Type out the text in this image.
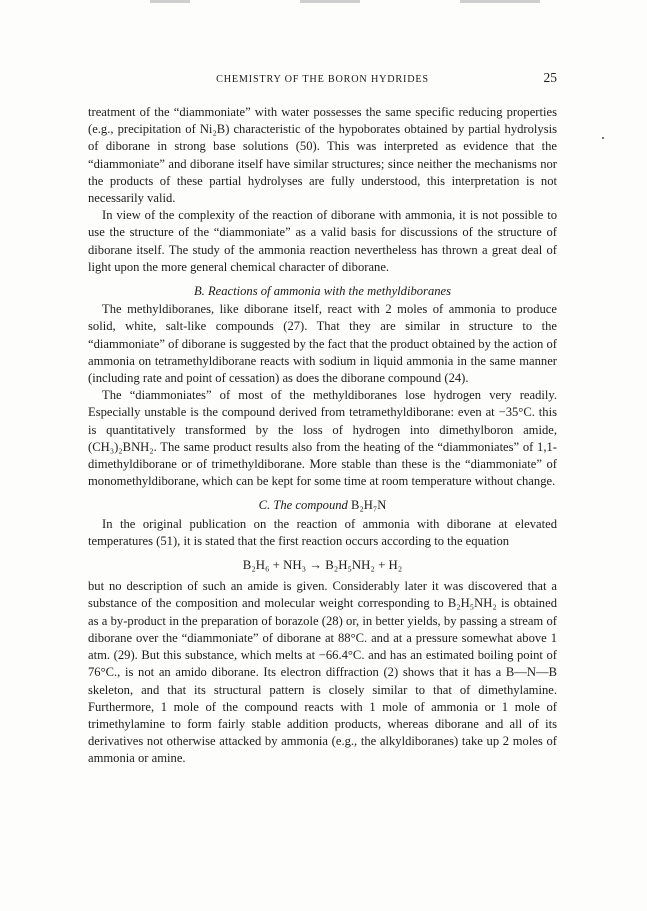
CHEMISTRY OF THE BORON HYDRIDES	25

treatment of the “diammoniate” with water possesses the same specific reducing properties (e.g., precipitation of Ni₂B) characteristic of the hypoborates obtained by partial hydrolysis of diborane in strong base solutions (50). This was interpreted as evidence that the “diammoniate” and diborane itself have similar structures; since neither the mechanisms nor the products of these partial hydrolyses are fully understood, this interpretation is not necessarily valid.

In view of the complexity of the reaction of diborane with ammonia, it is not possible to use the structure of the “diammoniate” as a valid basis for discussions of the structure of diborane itself. The study of the ammonia reaction nevertheless has thrown a great deal of light upon the more general chemical character of diborane.

B. Reactions of ammonia with the methyldiboranes

The methyldiboranes, like diborane itself, react with 2 moles of ammonia to produce solid, white, salt-like compounds (27). That they are similar in structure to the “diammoniate” of diborane is suggested by the fact that the product obtained by the action of ammonia on tetramethyldiborane reacts with sodium in liquid ammonia in the same manner (including rate and point of cessation) as does the diborane compound (24).

The “diammoniates” of most of the methyldiboranes lose hydrogen very readily. Especially unstable is the compound derived from tetramethyldiborane: even at −35°C. this is quantitatively transformed by the loss of hydrogen into dimethylboron amide, (CH₃)₂BNH₂. The same product results also from the heating of the “diammoniates” of 1,1-dimethyldiborane or of trimethyldiborane. More stable than these is the “diammoniate” of monomethyldiborane, which can be kept for some time at room temperature without change.

C. The compound B₂H₇N

In the original publication on the reaction of ammonia with diborane at elevated temperatures (51), it is stated that the first reaction occurs according to the equation

B₂H₆ + NH₃ → B₂H₅NH₂ + H₂

but no description of such an amide is given. Considerably later it was discovered that a substance of the composition and molecular weight corresponding to B₂H₅NH₂ is obtained as a by-product in the preparation of borazole (28) or, in better yields, by passing a stream of diborane over the “diammoniate” of diborane at 88°C. and at a pressure somewhat above 1 atm. (29). But this substance, which melts at −66.4°C. and has an estimated boiling point of 76°C., is not an amido diborane. Its electron diffraction (2) shows that it has a B—N—B skeleton, and that its structural pattern is closely similar to that of dimethylamine. Furthermore, 1 mole of the compound reacts with 1 mole of ammonia or 1 mole of trimethylamine to form fairly stable addition products, whereas diborane and all of its derivatives not otherwise attacked by ammonia (e.g., the alkyldiboranes) take up 2 moles of ammonia or amine.
